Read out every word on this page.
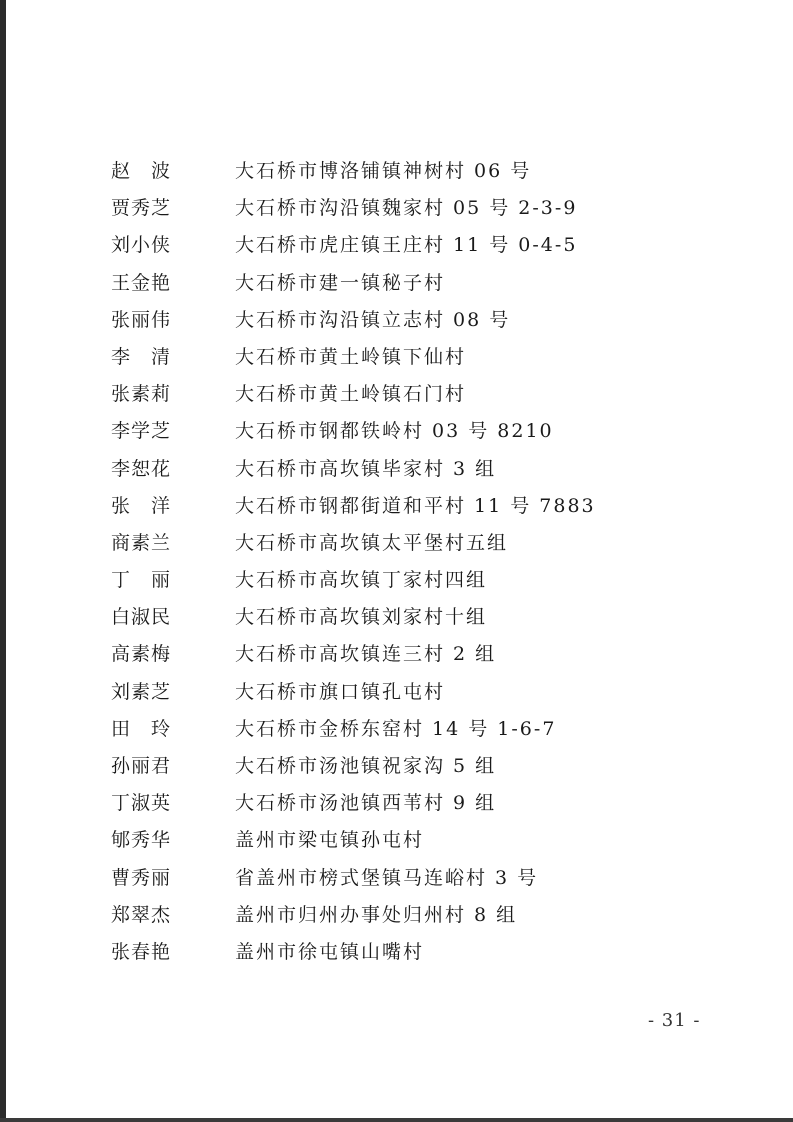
赵　波	大石桥市博洛铺镇神树村 06 号
贾秀芝	大石桥市沟沿镇魏家村 05 号 2-3-9
刘小侠	大石桥市虎庄镇王庄村 11 号 0-4-5
王金艳	大石桥市建一镇秘子村
张丽伟	大石桥市沟沿镇立志村 08 号
李　清	大石桥市黄土岭镇下仙村
张素莉	大石桥市黄土岭镇石门村
李学芝	大石桥市钢都铁岭村 03 号 8210
李恕花	大石桥市高坎镇毕家村 3 组
张　洋	大石桥市钢都街道和平村 11 号 7883
商素兰	大石桥市高坎镇太平堡村五组
丁　丽	大石桥市高坎镇丁家村四组
白淑民	大石桥市高坎镇刘家村十组
高素梅	大石桥市高坎镇连三村 2 组
刘素芝	大石桥市旗口镇孔屯村
田　玲	大石桥市金桥东窑村 14 号 1-6-7
孙丽君	大石桥市汤池镇祝家沟 5 组
丁淑英	大石桥市汤池镇西苇村 9 组
郇秀华	盖州市梁屯镇孙屯村
曹秀丽	省盖州市榜式堡镇马连峪村 3 号
郑翠杰	盖州市归州办事处归州村 8 组
张春艳	盖州市徐屯镇山嘴村
- 31 -
